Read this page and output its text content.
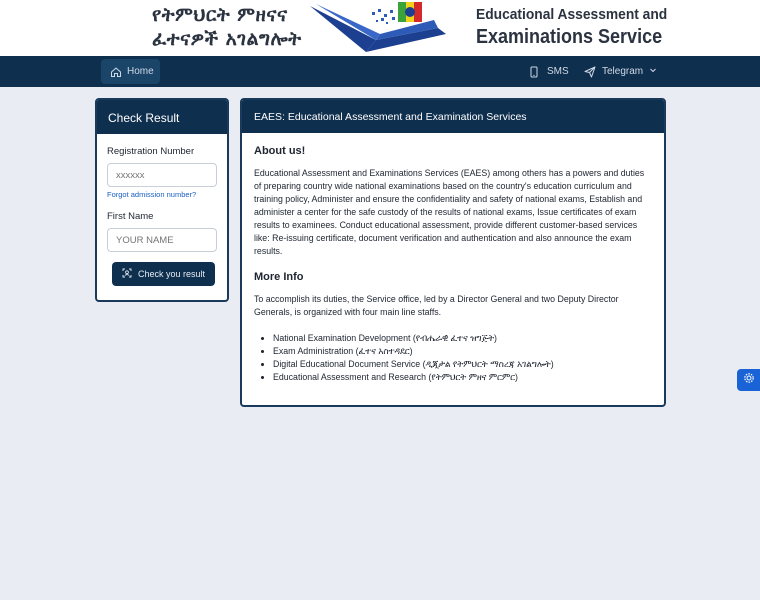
የትምህርት ምዘናና
ፈተናዎች አገልግሎት
Educational Assessment and
Examinations Service
Home	SMS	Telegram
Check Result
Registration Number
xxxxxx
Forgot admission number?
First Name
YOUR NAME
Check you result
EAES: Educational Assessment and Examination Services
About us!
Educational Assessment and Examinations Services (EAES) among others has a powers and duties of preparing country wide national examinations based on the country's education curriculum and training policy, Administer and ensure the confidentiality and safety of national exams, Establish and administer a center for the safe custody of the results of national exams, Issue certificates of exam results to examinees. Conduct educational assessment, provide different customer-based services like: Re-issuing certificate, document verification and authentication and also announce the exam results.
More Info
To accomplish its duties, the Service office, led by a Director General and two Deputy Director Generals, is organized with four main line staffs.
• National Examination Development (የብሔራዊ ፈተና ዝግጅት)
• Exam Administration (ፈተና አስተዳደር)
• Digital Educational Document Service (ዲጂታል የትምህርት ማስረጃ አገልግሎት)
• Educational Assessment and Research (የትምህርት ምዘና ምርምር)
